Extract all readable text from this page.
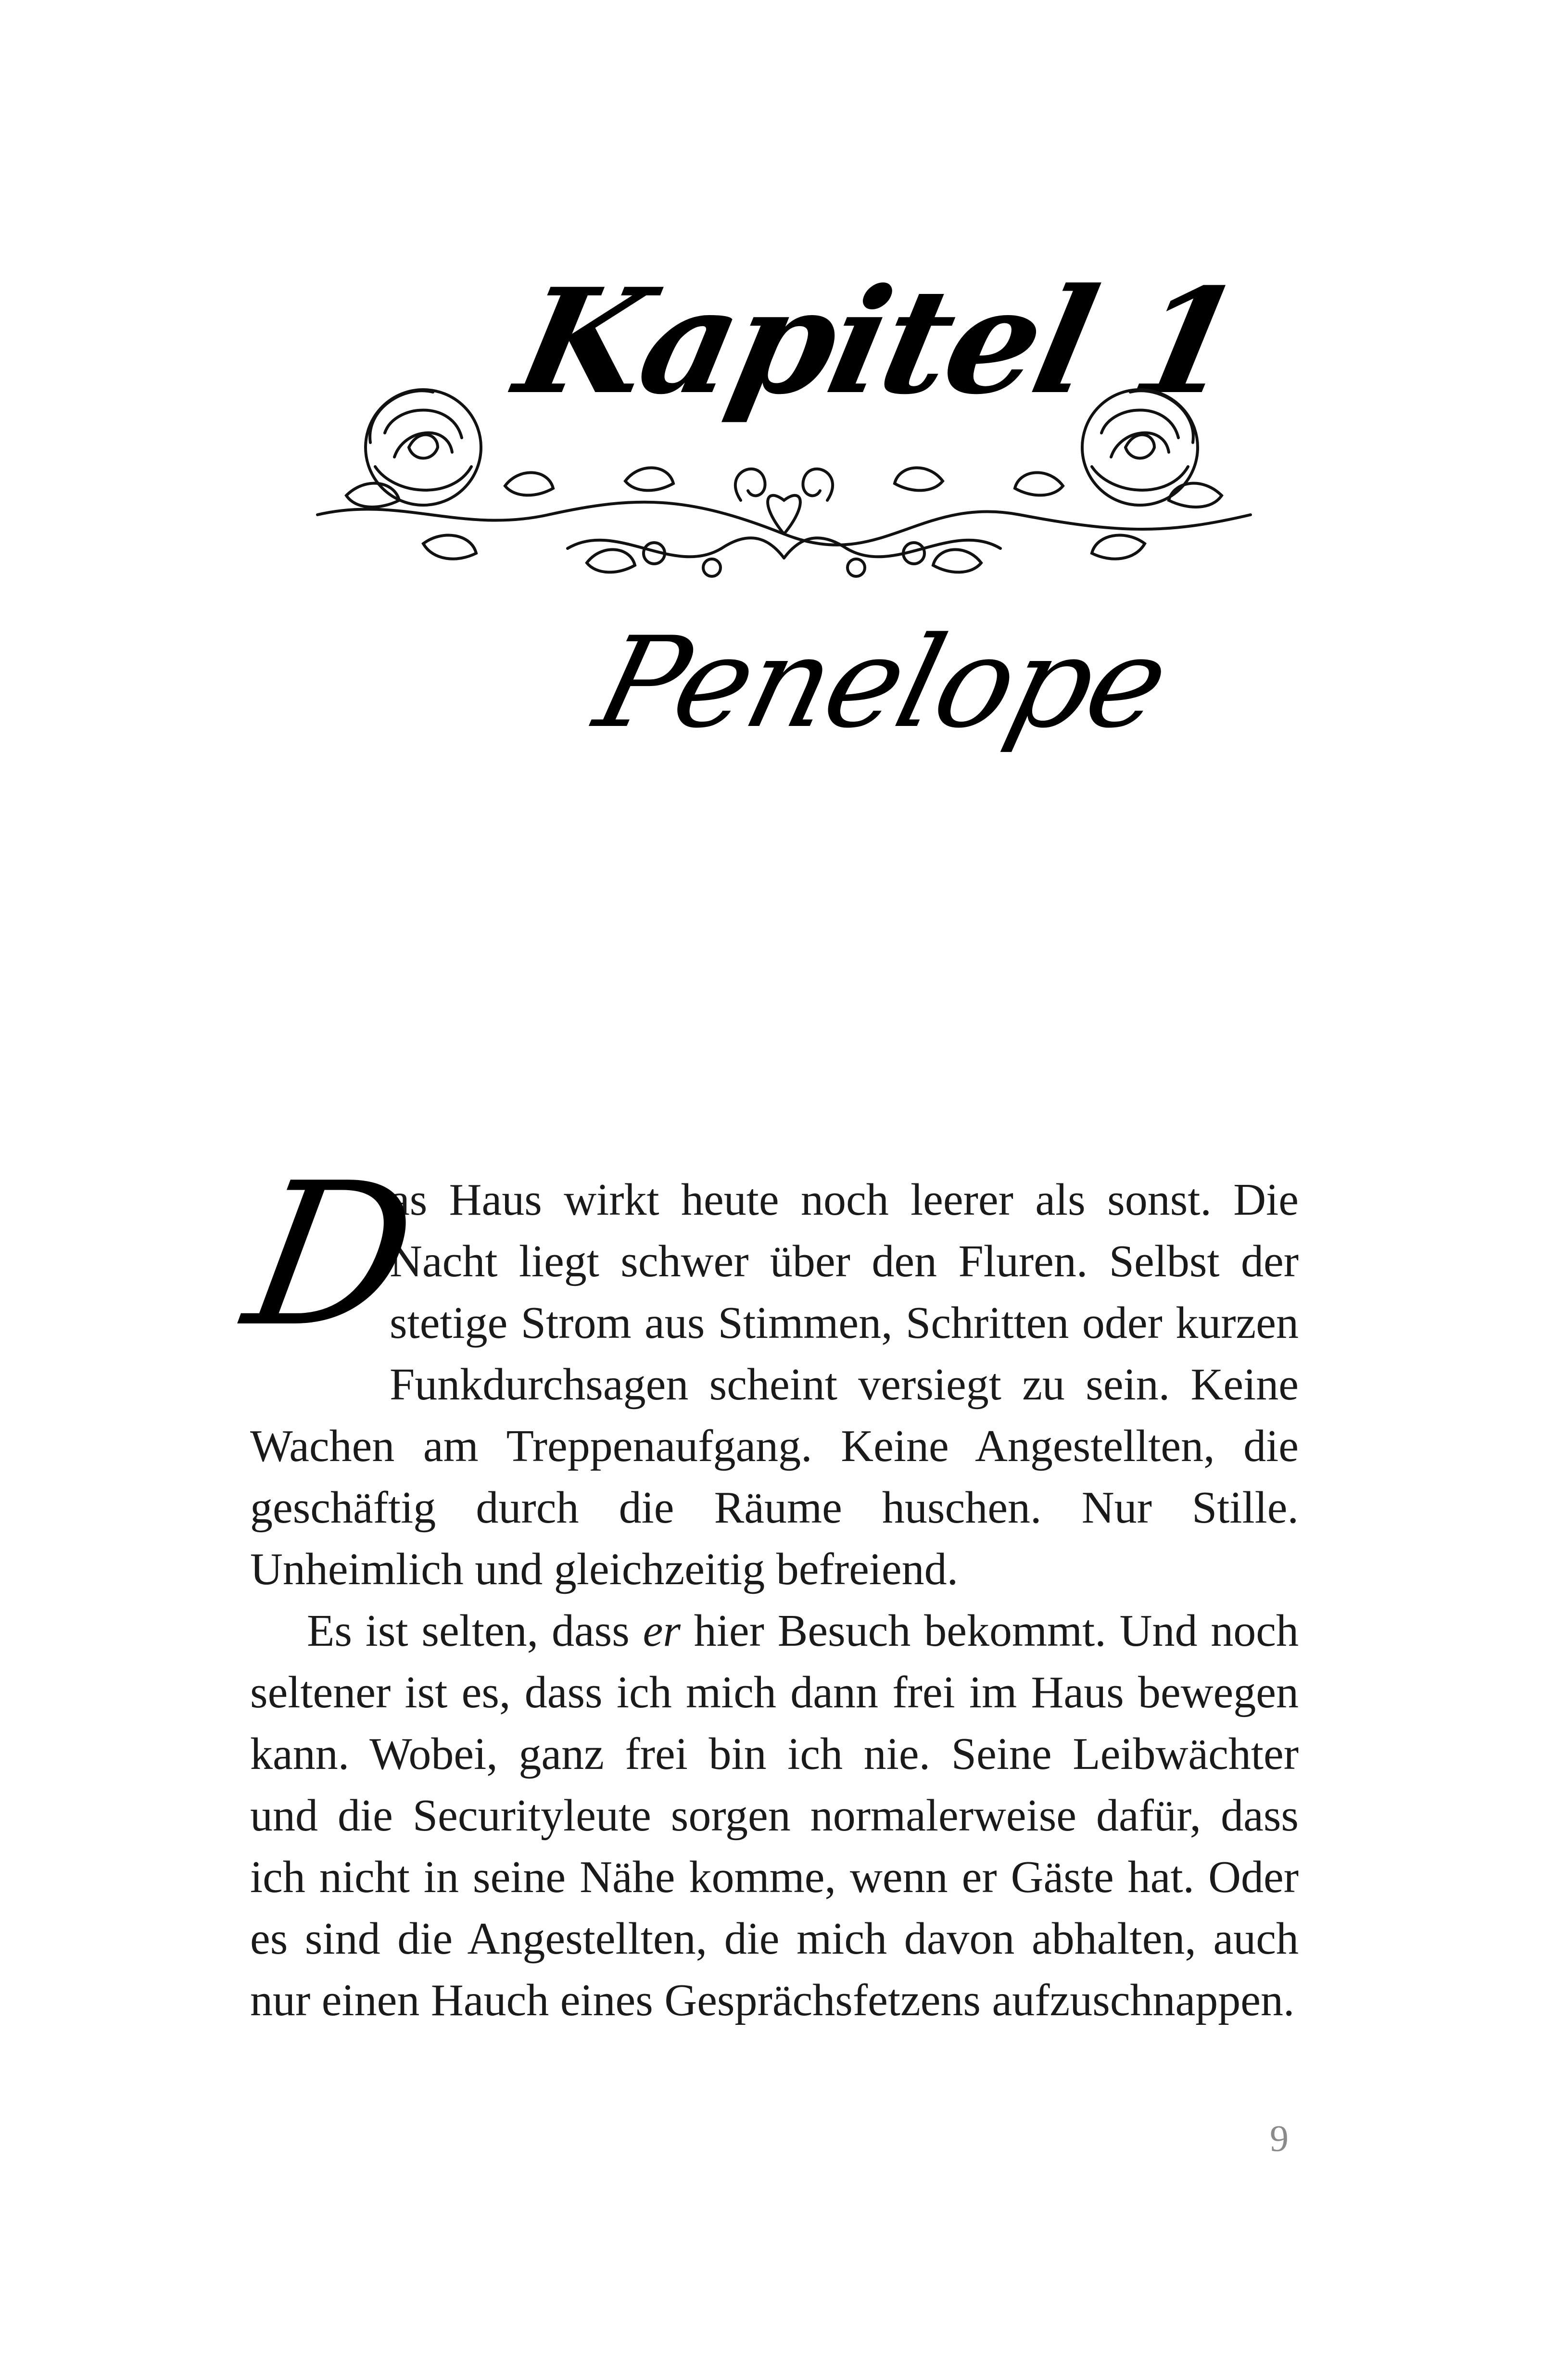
Kapitel 1
Penelope

D
as Haus wirkt heute noch leerer als sonst. Die Nacht liegt schwer über den Fluren. Selbst der stetige Strom aus Stimmen, Schritten oder kurzen Funkdurchsagen scheint versiegt zu sein. Keine Wachen am Treppenaufgang. Keine Angestellten, die geschäftig durch die Räume huschen. Nur Stille. Unheimlich und gleichzeitig befreiend.

Es ist selten, dass er hier Besuch bekommt. Und noch seltener ist es, dass ich mich dann frei im Haus bewegen kann. Wobei, ganz frei bin ich nie. Seine Leibwächter und die Securityleute sorgen normalerweise dafür, dass ich nicht in seine Nähe komme, wenn er Gäste hat. Oder es sind die Angestellten, die mich davon abhalten, auch nur einen Hauch eines Gesprächsfetzens aufzuschnappen.

9
